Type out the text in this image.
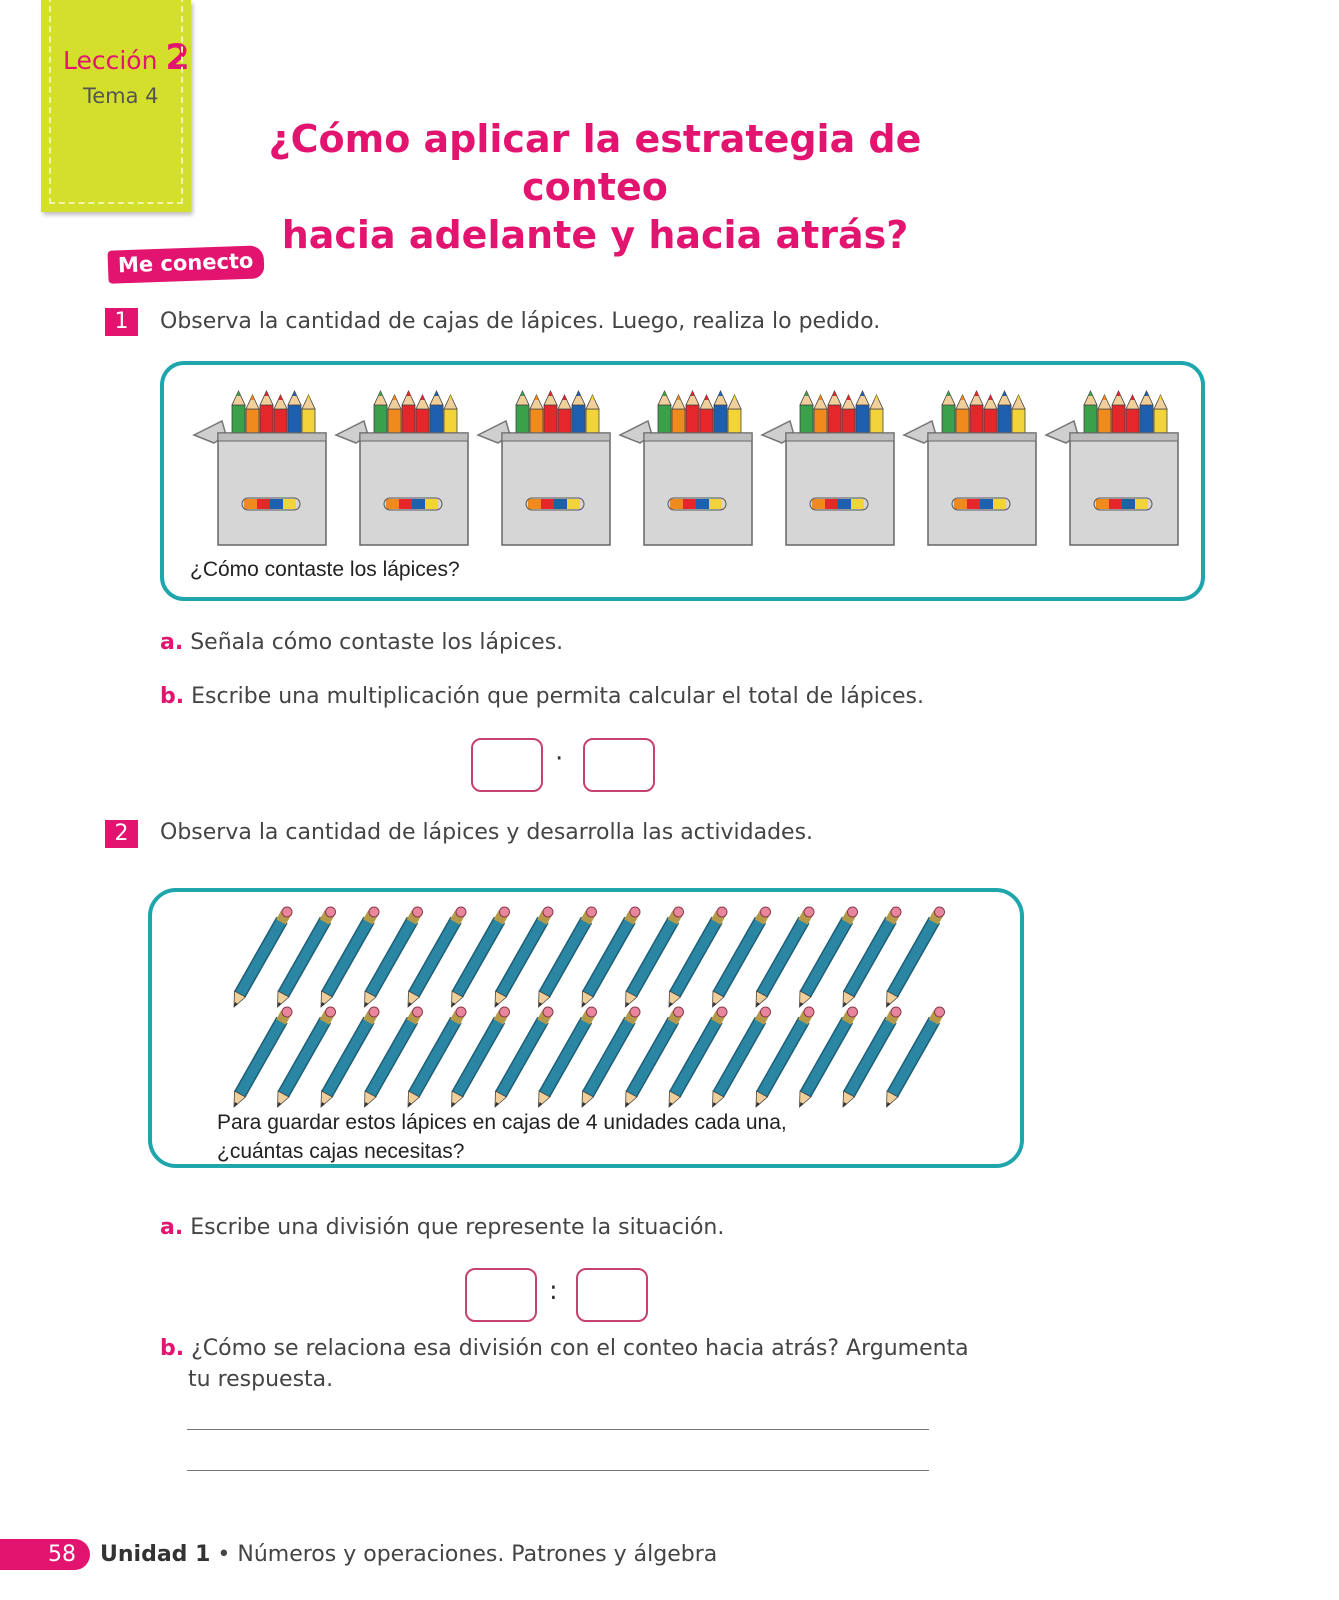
Lección 2
Tema 4
¿Cómo aplicar la estrategia de conteo
hacia adelante y hacia atrás?
Me conecto
1	Observa la cantidad de cajas de lápices. Luego, realiza lo pedido.
¿Cómo contaste los lápices?
a. Señala cómo contaste los lápices.
b. Escribe una multiplicación que permita calcular el total de lápices.
·
2	Observa la cantidad de lápices y desarrolla las actividades.
Para guardar estos lápices en cajas de 4 unidades cada una,
¿cuántas cajas necesitas?
a. Escribe una división que represente la situación.
:
b. ¿Cómo se relaciona esa división con el conteo hacia atrás? Argumenta
tu respuesta.
58	Unidad 1 • Números y operaciones. Patrones y álgebra
